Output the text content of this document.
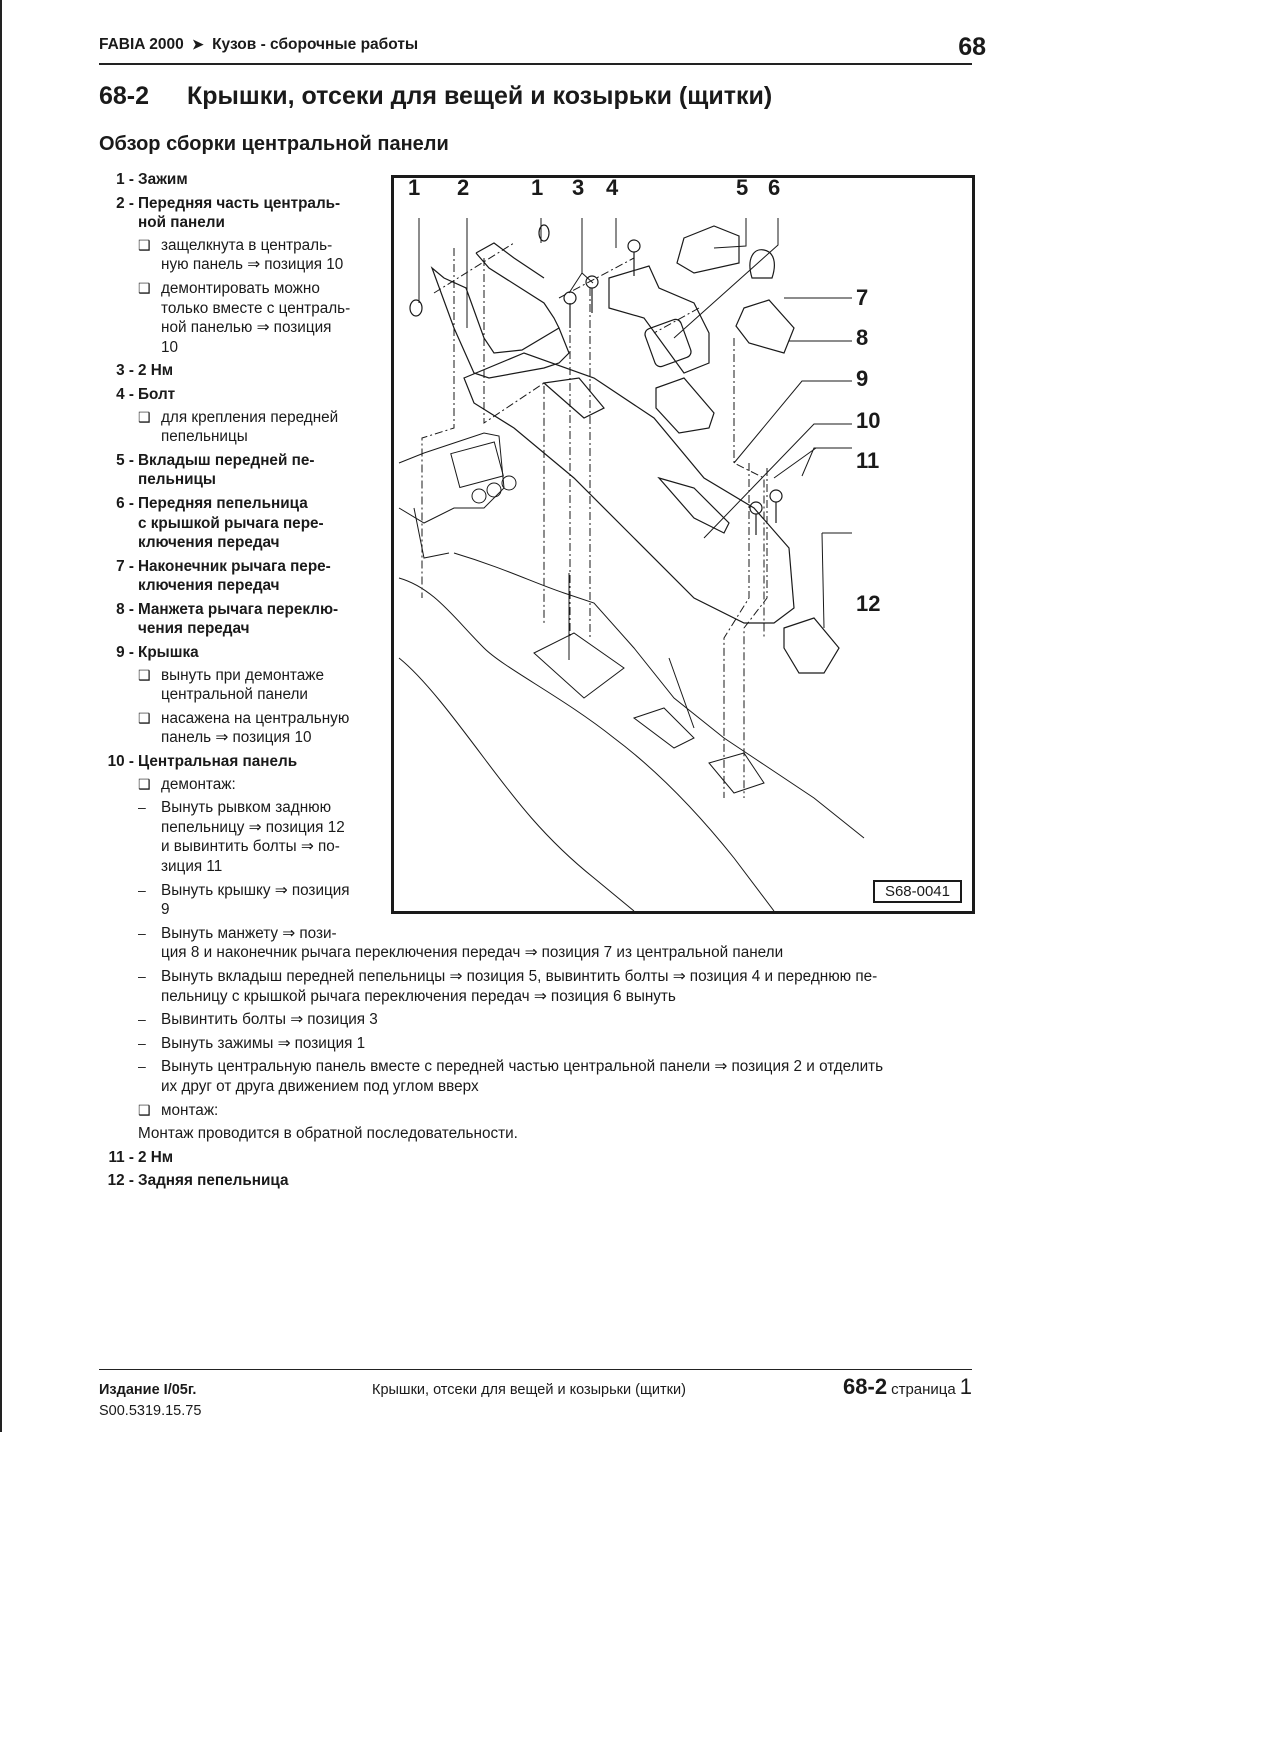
FABIA 2000 ➤ Кузов - сборочные работы	68
68-2 Крышки, отсеки для вещей и козырьки (щитки)
Обзор сборки центральной панели
1 - Зажим
2 - Передняя часть централь-
ной панели
❑ защелкнута в централь-
ную панель ⇒ позиция 10
❑ демонтировать можно
только вместе с централь-
ной панелью ⇒ позиция
10
3 - 2 Нм
4 - Болт
❑ для крепления передней
пепельницы
5 - Вкладыш передней пе-
пельницы
6 - Передняя пепельница
с крышкой рычага пере-
ключения передач
7 - Наконечник рычага пере-
ключения передач
8 - Манжета рычага переклю-
чения передач
9 - Крышка
❑ вынуть при демонтаже
центральной панели
❑ насажена на центральную
панель ⇒ позиция 10
10 - Центральная панель
❑ демонтаж:
– Вынуть рывком заднюю
пепельницу ⇒ позиция 12
и вывинтить болты ⇒ по-
зиция 11
– Вынуть крышку ⇒ позиция
9
– Вынуть манжету ⇒ пози-
ция 8 и наконечник рычага переключения передач ⇒ позиция 7 из центральной панели
– Вынуть вкладыш передней пепельницы ⇒ позиция 5, вывинтить болты ⇒ позиция 4 и переднюю пе-
пельницу с крышкой рычага переключения передач ⇒ позиция 6 вынуть
– Вывинтить болты ⇒ позиция 3
– Вынуть зажимы ⇒ позиция 1
– Вынуть центральную панель вместе с передней частью центральной панели ⇒ позиция 2 и отделить
их друг от друга движением под углом вверх
❑ монтаж:
Монтаж проводится в обратной последовательности.
11 - 2 Нм
12 - Задняя пепельница
1 2	1 3 4	5 6
7
8
9
10
11
12
S68-0041
Издание I/05г.
S00.5319.15.75
Крышки, отсеки для вещей и козырьки (щитки)	68-2 страница 1
